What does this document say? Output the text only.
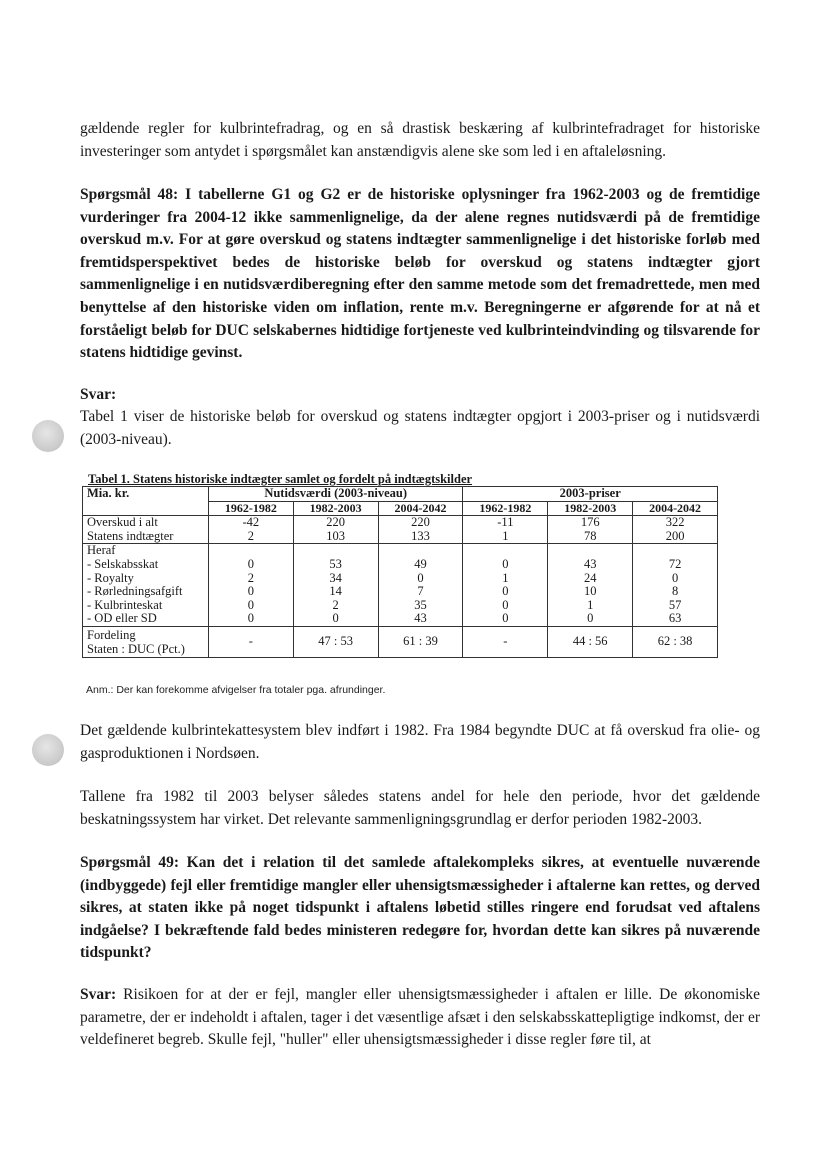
gældende regler for kulbrintefradrag, og en så drastisk beskæring af kulbrintefradraget for historiske investeringer som antydet i spørgsmålet kan anstændigvis alene ske som led i en aftaleløsning.

Spørgsmål 48: I tabellerne G1 og G2 er de historiske oplysninger fra 1962-2003 og de fremtidige vurderinger fra 2004-12 ikke sammenlignelige, da der alene regnes nutidsværdi på de fremtidige overskud m.v. For at gøre overskud og statens indtægter sammenlignelige i det historiske forløb med fremtidsperspektivet bedes de historiske beløb for overskud og statens indtægter gjort sammenlignelige i en nutidsværdiberegning efter den samme metode som det fremadrettede, men med benyttelse af den historiske viden om inflation, rente m.v. Beregningerne er afgørende for at nå et forståeligt beløb for DUC selskabernes hidtidige fortjeneste ved kulbrinteindvinding og tilsvarende for statens hidtidige gevinst.

Svar:

Tabel 1 viser de historiske beløb for overskud og statens indtægter opgjort i 2003-priser og i nutidsværdi (2003-niveau).

Tabel 1. Statens historiske indtægter samlet og fordelt på indtægtskilder

Mia. kr.	Nutidsværdi (2003-niveau)			2003-priser		
	1962-1982	1982-2003	2004-2042	1962-1982	1982-2003	2004-2042
Overskud i alt	-42	220	220	-11	176	322
Statens indtægter	2	103	133	1	78	200
Heraf						
- Selskabsskat	0	53	49	0	43	72
- Royalty	2	34	0	1	24	0
- Rørledningsafgift	0	14	7	0	10	8
- Kulbrinteskat	0	2	35	0	1	57
- OD eller SD	0	0	43	0	0	63
Fordeling
Staten : DUC (Pct.)	-	47 : 53	61 : 39	-	44 : 56	62 : 38

Anm.: Der kan forekomme afvigelser fra totaler pga. afrundinger.

Det gældende kulbrintekattesystem blev indført i 1982. Fra 1984 begyndte DUC at få overskud fra olie- og gasproduktionen i Nordsøen.

Tallene fra 1982 til 2003 belyser således statens andel for hele den periode, hvor det gældende beskatningssystem har virket. Det relevante sammenligningsgrundlag er derfor perioden 1982-2003.

Spørgsmål 49: Kan det i relation til det samlede aftalekompleks sikres, at eventuelle nuværende (indbyggede) fejl eller fremtidige mangler eller uhensigtsmæssigheder i aftalerne kan rettes, og derved sikres, at staten ikke på noget tidspunkt i aftalens løbetid stilles ringere end forudsat ved aftalens indgåelse? I bekræftende fald bedes ministeren redegøre for, hvordan dette kan sikres på nuværende tidspunkt?

Svar: Risikoen for at der er fejl, mangler eller uhensigtsmæssigheder i aftalen er lille. De økonomiske parametre, der er indeholdt i aftalen, tager i det væsentlige afsæt i den selskabsskattepligtige indkomst, der er veldefineret begreb. Skulle fejl, "huller" eller uhensigtsmæssigheder i disse regler føre til, at
